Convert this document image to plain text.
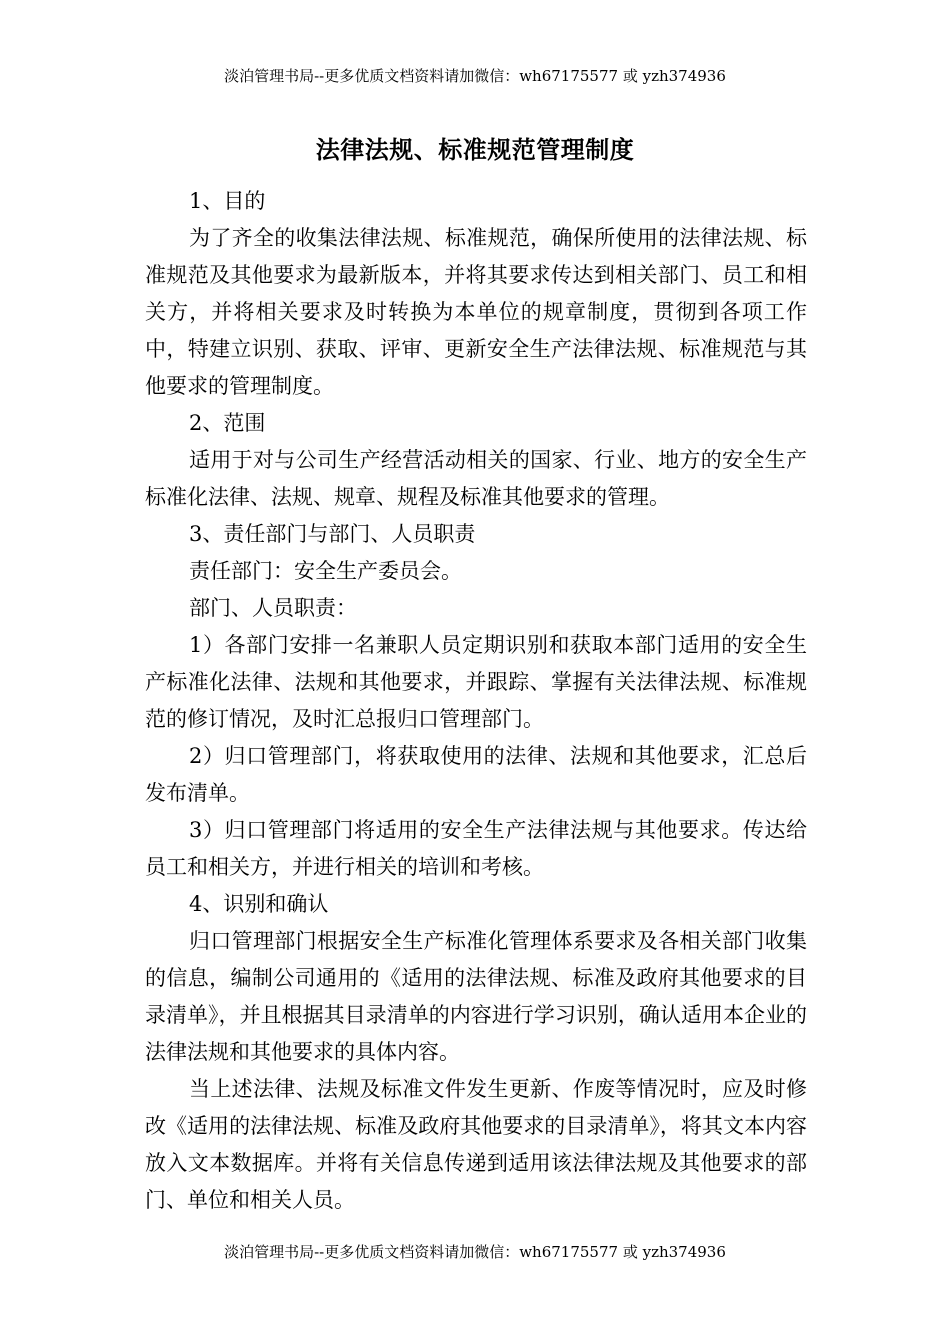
淡泊管理书局--更多优质文档资料请加微信：wh67175577 或 yzh374936
法律法规、标准规范管理制度

1、目的

为了齐全的收集法律法规、标准规范，确保所使用的法律法规、标准规范及其他要求为最新版本，并将其要求传达到相关部门、员工和相关方，并将相关要求及时转换为本单位的规章制度，贯彻到各项工作中，特建立识别、获取、评审、更新安全生产法律法规、标准规范与其他要求的管理制度。

2、范围

适用于对与公司生产经营活动相关的国家、行业、地方的安全生产标准化法律、法规、规章、规程及标准其他要求的管理。

3、责任部门与部门、人员职责

责任部门：安全生产委员会。

部门、人员职责：

1）各部门安排一名兼职人员定期识别和获取本部门适用的安全生产标准化法律、法规和其他要求，并跟踪、掌握有关法律法规、标准规范的修订情况，及时汇总报归口管理部门。

2）归口管理部门，将获取使用的法律、法规和其他要求，汇总后发布清单。

3）归口管理部门将适用的安全生产法律法规与其他要求。传达给员工和相关方，并进行相关的培训和考核。

4、识别和确认

归口管理部门根据安全生产标准化管理体系要求及各相关部门收集的信息，编制公司通用的《适用的法律法规、标准及政府其他要求的目录清单》，并且根据其目录清单的内容进行学习识别，确认适用本企业的法律法规和其他要求的具体内容。

当上述法律、法规及标准文件发生更新、作废等情况时，应及时修改《适用的法律法规、标准及政府其他要求的目录清单》，将其文本内容放入文本数据库。并将有关信息传递到适用该法律法规及其他要求的部门、单位和相关人员。

淡泊管理书局--更多优质文档资料请加微信：wh67175577 或 yzh374936
